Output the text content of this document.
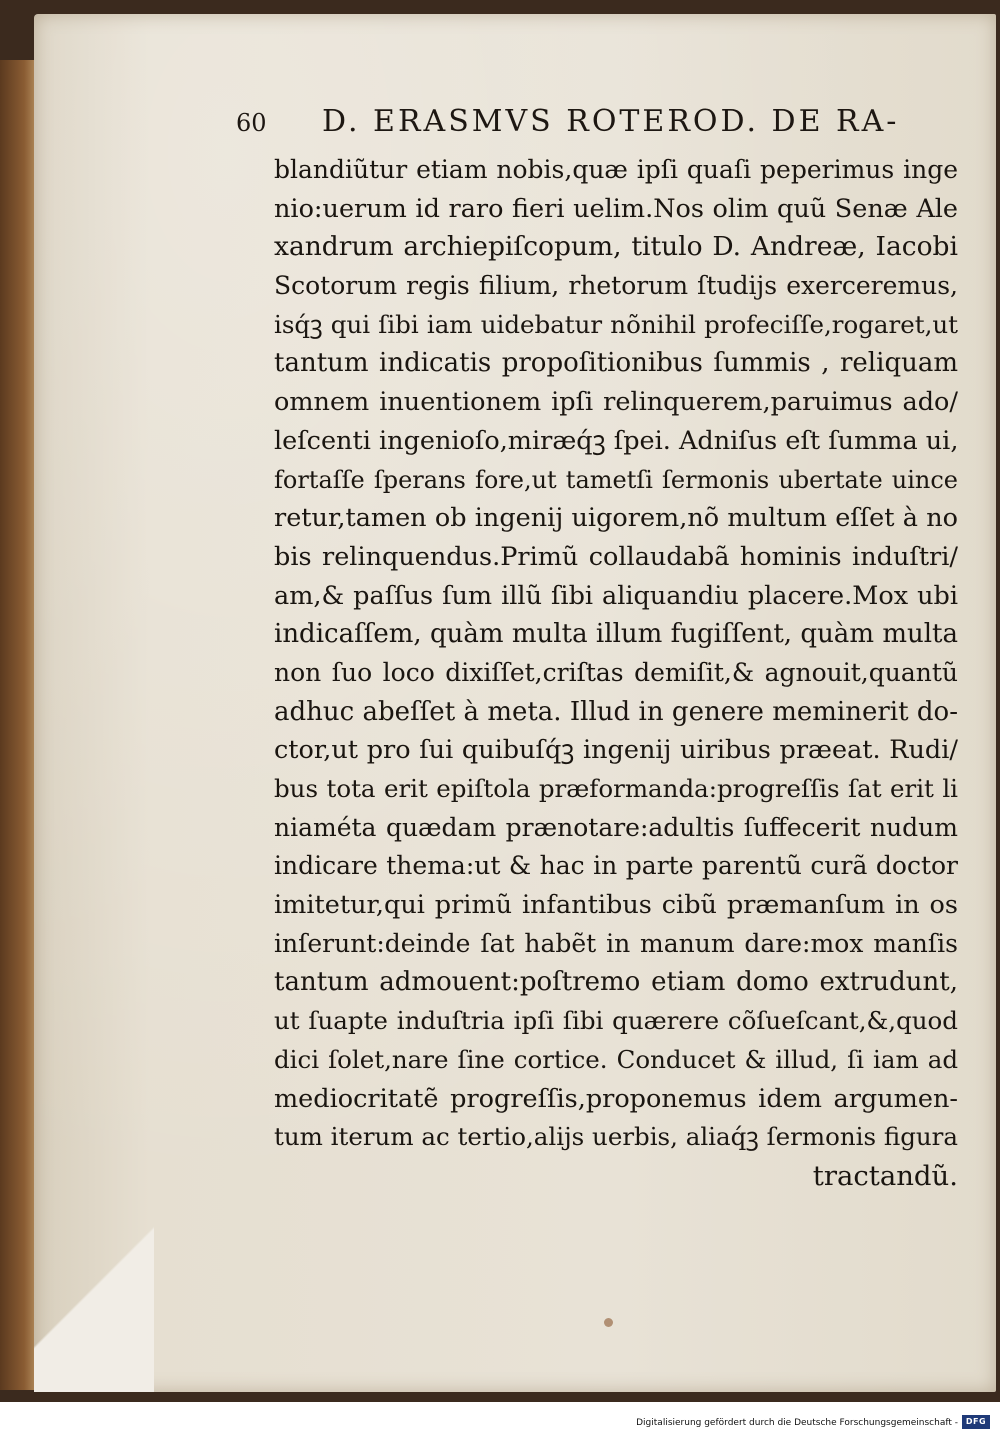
60	D. ERASMVS ROTEROD. DE RA-
blandiũtur etiam nobis,quæ ipſi quaſi peperimus inge
nio:uerum id raro fieri uelim.Nos olim quũ Senæ Ale
xandrum archiepiſcopum, titulo D. Andreæ, Iacobi
Scotorum regis filium, rhetorum ſtudijs exerceremus,
isq́ꝫ qui ſibi iam uidebatur nõnihil profeciſſe,rogaret,ut
tantum indicatis propoſitionibus ſummis , reliquam
omnem inuentionem ipſi relinquerem,paruimus ado/
leſcenti ingenioſo,miræq́ꝫ ſpei. Adniſus eſt ſumma ui,
fortaſſe ſperans fore,ut tametſi ſermonis ubertate uince
retur,tamen ob ingenij uigorem,nõ multum eſſet à no
bis relinquendus.Primũ collaudabã hominis induſtri/
am,& paſſus ſum illũ ſibi aliquandiu placere.Mox ubi
indicaſſem, quàm multa illum fugiſſent, quàm multa
non ſuo loco dixiſſet,criſtas demiſit,& agnouit,quantũ
adhuc abeſſet à meta. Illud in genere meminerit do-
ctor,ut pro ſui quibuſq́ꝫ ingenij uiribus præeat. Rudi/
bus tota erit epiſtola præformanda:progreſſis ſat erit li
niaméta quædam prænotare:adultis ſuffecerit nudum
indicare thema:ut & hac in parte parentũ curã doctor
imitetur,qui primũ infantibus cibũ præmanſum in os
inſerunt:deinde ſat habẽt in manum dare:mox manſis
tantum admouent:poſtremo etiam domo extrudunt,
ut ſuapte induſtria ipſi ſibi quærere cõſueſcant,&,quod
dici ſolet,nare ſine cortice. Conducet & illud, ſi iam ad
mediocritatẽ progreſſis,proponemus idem argumen-
tum iterum ac tertio,alijs uerbis, aliaq́ꝫ ſermonis figura
tractandũ.
Digitalisierung gefördert durch die Deutsche Forschungsgemeinschaft - DFG
